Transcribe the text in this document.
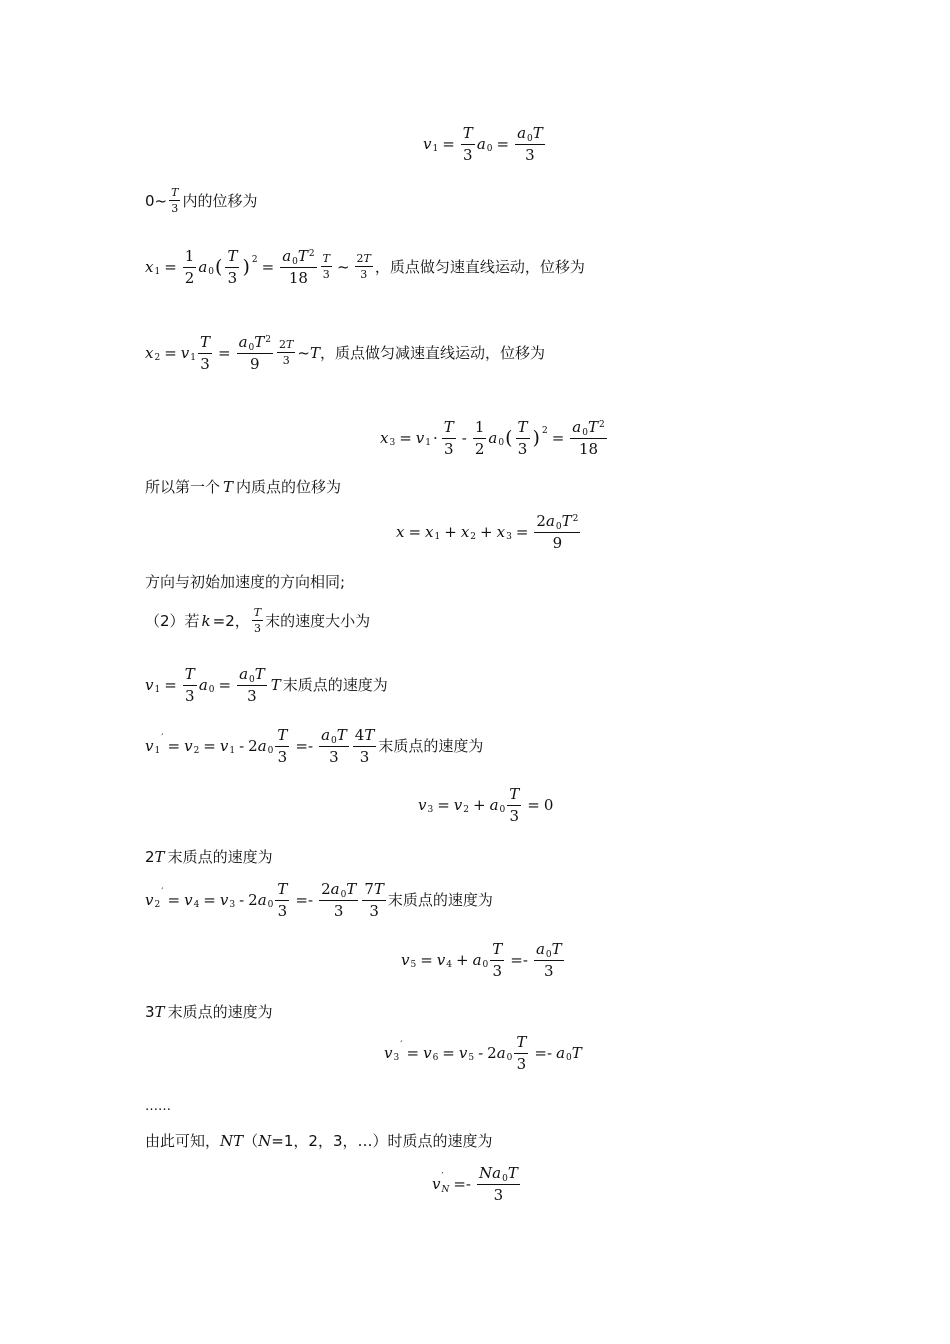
v $1 = \frac{T}{3}$ a $0 = \frac{a_0T}{3}$
0~ $\frac{T}{3}$ 内的位移为
x $1 = \frac{1}{2}$ a 0 ( $\frac{T}{3}$ ) $2 = \frac{a_0T^2}{18} \frac{T}{3}$ ~ $\frac{2T}{3}$ ，质点做匀速直线运动，位移为
x 2 = v $1 \frac{T}{3} = \frac{a_0T^2}{9} \frac{2T}{3}$ ~T ，质点做匀减速直线运动，位移为
x 3 = v $1 \cdot \frac{T}{3} - \frac{1}{2}$ a 0 ( $\frac{T}{3}$ ) $2 = \frac{a_0T^2}{18}$
所以第一个 T 内质点的位移为
x = x 1 + x 2 + x $3 = \frac{2a_0T^2}{9}$
方向与初始加速度的方向相同;
（2）若 k =2， $\frac{T}{3}$ 末的速度大小为
v $1 = \frac{T}{3}$ a $0 = \frac{a_0T}{3}$ T 末质点的速度为
v 1
′ = v 2 = v 1 - 2 a $0 \frac{T}{3} =- \frac{a_0T}{3} \frac{4T}{3}$ 末质点的速度为
v 3 = v 2 + a $0 \frac{T}{3} = 0$
2 T 末质点的速度为
v 2
′ = v 4 = v 3 - 2 a $0 \frac{T}{3} =- \frac{2a_0T}{3} \frac{7T}{3}$ 末质点的速度为
v 5 = v 4 + a $0 \frac{T}{3} =- \frac{a_0T}{3}$
3 T 末质点的速度为
v 3
′ = v 6 = v 5 - 2 a $0 \frac{T}{3} =- a$ 0 T
……
由此可知， NT （ N =1，2，3，…）时质点的速度为
v ′
$N =- \frac{Na_0T}{3}$
